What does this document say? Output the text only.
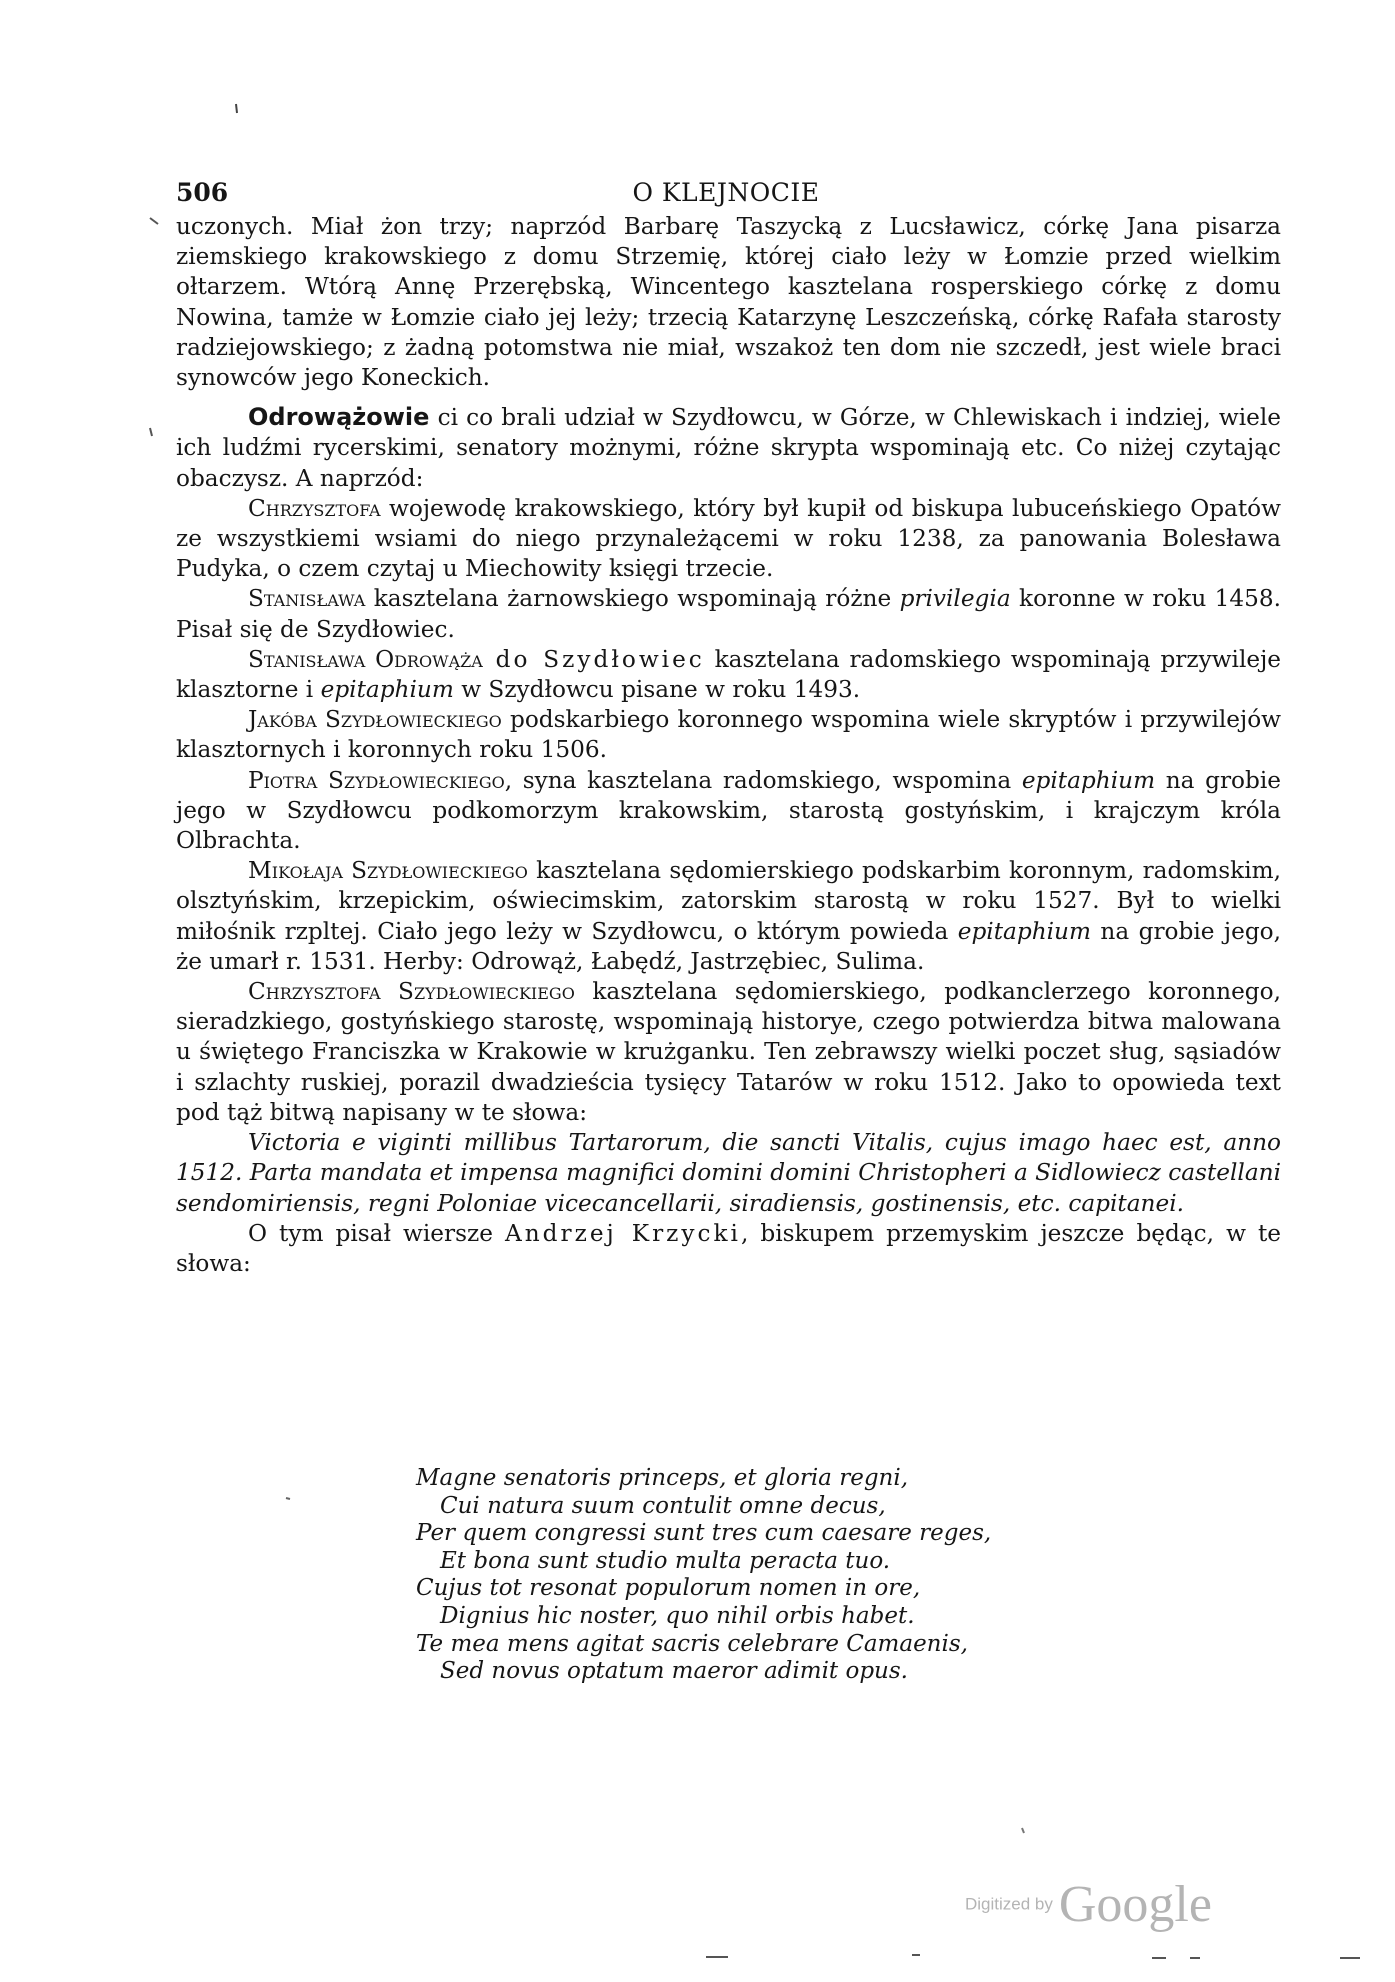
506	O KLEJNOCIE

uczonych. Miał żon trzy; naprzód Barbarę Taszycką z Lucsławicz, córkę Jana pisarza ziemskiego krakowskiego z domu Strzemię, której ciało leży w Łomzie przed wielkim ołtarzem. Wtórą Annę Przerębską, Wincentego kasztelana rosperskiego córkę z domu Nowina, tamże w Łomzie ciało jej leży; trzecią Katarzynę Leszczeńską, córkę Rafała starosty radziejowskiego; z żadną potomstwa nie miał, wszakoż ten dom nie szczedł, jest wiele braci synowców jego Koneckich.

Odrowążowie ci co brali udział w Szydłowcu, w Górze, w Chlewiskach i indziej, wiele ich ludźmi rycerskimi, senatory możnymi, różne skrypta wspominają etc. Co niżej czytając obaczysz. A naprzód:

Chrzysztofa wojewodę krakowskiego, który był kupił od biskupa lubuceńskiego Opatów ze wszystkiemi wsiami do niego przynależącemi w roku 1238, za panowania Bolesława Pudyka, o czem czytaj u Miechowity księgi trzecie.

Stanisława kasztelana żarnowskiego wspominają różne privilegia koronne w roku 1458. Pisał się de Szydłowiec.

Stanisława Odrowąża do Szydłowiec kasztelana radomskiego wspominają przywileje klasztorne i epitaphium w Szydłowcu pisane w roku 1493.

Jakóba Szydłowieckiego podskarbiego koronnego wspomina wiele skryptów i przywilejów klasztornych i koronnych roku 1506.

Piotra Szydłowieckiego, syna kasztelana radomskiego, wspomina epitaphium na grobie jego w Szydłowcu podkomorzym krakowskim, starostą gostyńskim, i krajczym króla Olbrachta.

Mikołaja Szydłowieckiego kasztelana sędomierskiego podskarbim koronnym, radomskim, olsztyńskim, krzepickim, oświecimskim, zatorskim starostą w roku 1527. Był to wielki miłośnik rzpltej. Ciało jego leży w Szydłowcu, o którym powieda epitaphium na grobie jego, że umarł r. 1531. Herby: Odrowąż, Łabędź, Jastrzębiec, Sulima.

Chrzysztofa Szydłowieckiego kasztelana sędomierskiego, podkanclerzego koronnego, sieradzkiego, gostyńskiego starostę, wspominają historye, czego potwierdza bitwa malowana u świętego Franciszka w Krakowie w krużganku. Ten zebrawszy wielki poczet sług, sąsiadów i szlachty ruskiej, porazil dwadzieścia tysięcy Tatarów w roku 1512. Jako to opowieda text pod tąż bitwą napisany w te słowa:

Victoria e viginti millibus Tartarorum, die sancti Vitalis, cujus imago haec est, anno 1512. Parta mandata et impensa magnifici domini domini Christopheri a Sidlowiecz castellani sendomiriensis, regni Poloniae vicecancellarii, siradiensis, gostinensis, etc. capitanei.

O tym pisał wiersze Andrzej Krzycki, biskupem przemyskim jeszcze będąc, w te słowa:

Magne senatoris princeps, et gloria regni,
Cui natura suum contulit omne decus,
Per quem congressi sunt tres cum caesare reges,
Et bona sunt studio multa peracta tuo.
Cujus tot resonat populorum nomen in ore,
Dignius hic noster, quo nihil orbis habet.
Te mea mens agitat sacris celebrare Camaenis,
Sed novus optatum maeror adimit opus.
Digitized by Google
